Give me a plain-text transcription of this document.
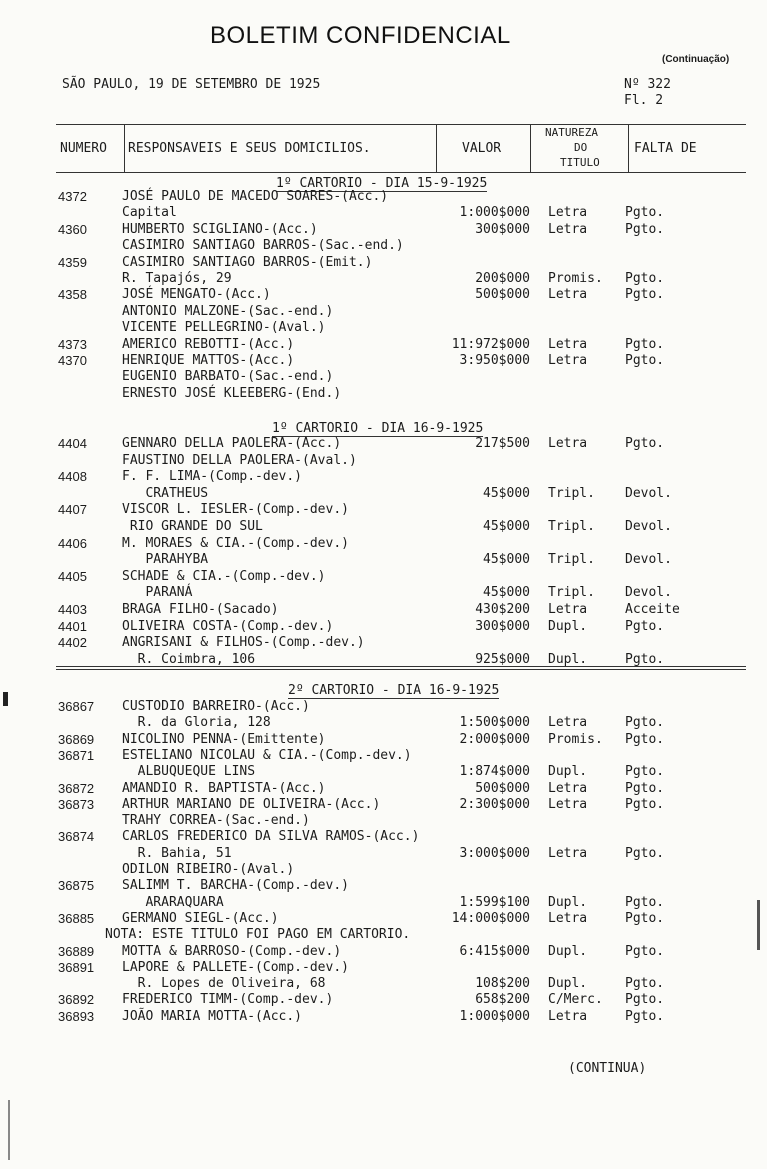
BOLETIM CONFIDENCIAL
(Continuação)
SÃO PAULO, 19 DE SETEMBRO DE 1925	Nº 322
Fl. 2
NUMERO RESPONSAVEIS E SEUS DOMICILIOS.	VALOR
NATUREZA
DO
TITULO
FALTA DE
1º CARTORIO - DIA 15-9-1925
4372	JOSÉ PAULO DE MACEDO SOARES-(Acc.)
Capital	1:000$000 Letra	Pgto.
4360	HUMBERTO SCIGLIANO-(Acc.)	300$000 Letra	Pgto.
CASIMIRO SANTIAGO BARROS-(Sac.-end.)
4359	CASIMIRO SANTIAGO BARROS-(Emit.)
R. Tapajós, 29	200$000 Promis. Pgto.
4358	JOSÉ MENGATO-(Acc.)	500$000 Letra	Pgto.
ANTONIO MALZONE-(Sac.-end.)
VICENTE PELLEGRINO-(Aval.)
4373	AMERICO REBOTTI-(Acc.)	11:972$000 Letra	Pgto.
4370	HENRIQUE MATTOS-(Acc.)	3:950$000 Letra	Pgto.
EUGENIO BARBATO-(Sac.-end.)
ERNESTO JOSÉ KLEEBERG-(End.)
1º CARTORIO - DIA 16-9-1925
4404	GENNARO DELLA PAOLERA-(Acc.)	217$500 Letra	Pgto.
FAUSTINO DELLA PAOLERA-(Aval.)
4408	F. F. LIMA-(Comp.-dev.)
CRATHEUS	45$000 Tripl. Devol.
4407	VISCOR L. IESLER-(Comp.-dev.)
RIO GRANDE DO SUL	45$000 Tripl. Devol.
4406	M. MORAES & CIA.-(Comp.-dev.)
PARAHYBA	45$000 Tripl. Devol.
4405	SCHADE & CIA.-(Comp.-dev.)
PARANÁ	45$000 Tripl. Devol.
4403	BRAGA FILHO-(Sacado)	430$200 Letra	Acceite
4401	OLIVEIRA COSTA-(Comp.-dev.)	300$000 Dupl.	Pgto.
4402	ANGRISANI & FILHOS-(Comp.-dev.)
R. Coimbra, 106	925$000 Dupl.	Pgto.
2º CARTORIO - DIA 16-9-1925
36867 CUSTODIO BARREIRO-(Acc.)
R. da Gloria, 128	1:500$000 Letra	Pgto.
36869 NICOLINO PENNA-(Emittente)	2:000$000 Promis. Pgto.
36871 ESTELIANO NICOLAU & CIA.-(Comp.-dev.)
ALBUQUEQUE LINS	1:874$000 Dupl.	Pgto.
36872 AMANDIO R. BAPTISTA-(Acc.)	500$000 Letra	Pgto.
36873 ARTHUR MARIANO DE OLIVEIRA-(Acc.)	2:300$000 Letra	Pgto.
TRAHY CORREA-(Sac.-end.)
36874 CARLOS FREDERICO DA SILVA RAMOS-(Acc.)
R. Bahia, 51	3:000$000 Letra	Pgto.
ODILON RIBEIRO-(Aval.)
36875 SALIMM T. BARCHA-(Comp.-dev.)
ARARAQUARA	1:599$100 Dupl.	Pgto.
36885 GERMANO SIEGL-(Acc.)	14:000$000 Letra	Pgto.
NOTA: ESTE TITULO FOI PAGO EM CARTORIO.
36889 MOTTA & BARROSO-(Comp.-dev.)	6:415$000 Dupl.	Pgto.
36891 LAPORE & PALLETE-(Comp.-dev.)
R. Lopes de Oliveira, 68	108$200 Dupl.	Pgto.
36892 FREDERICO TIMM-(Comp.-dev.)	658$200 C/Merc. Pgto.
36893 JOÃO MARIA MOTTA-(Acc.)	1:000$000 Letra	Pgto.
(CONTINUA)
